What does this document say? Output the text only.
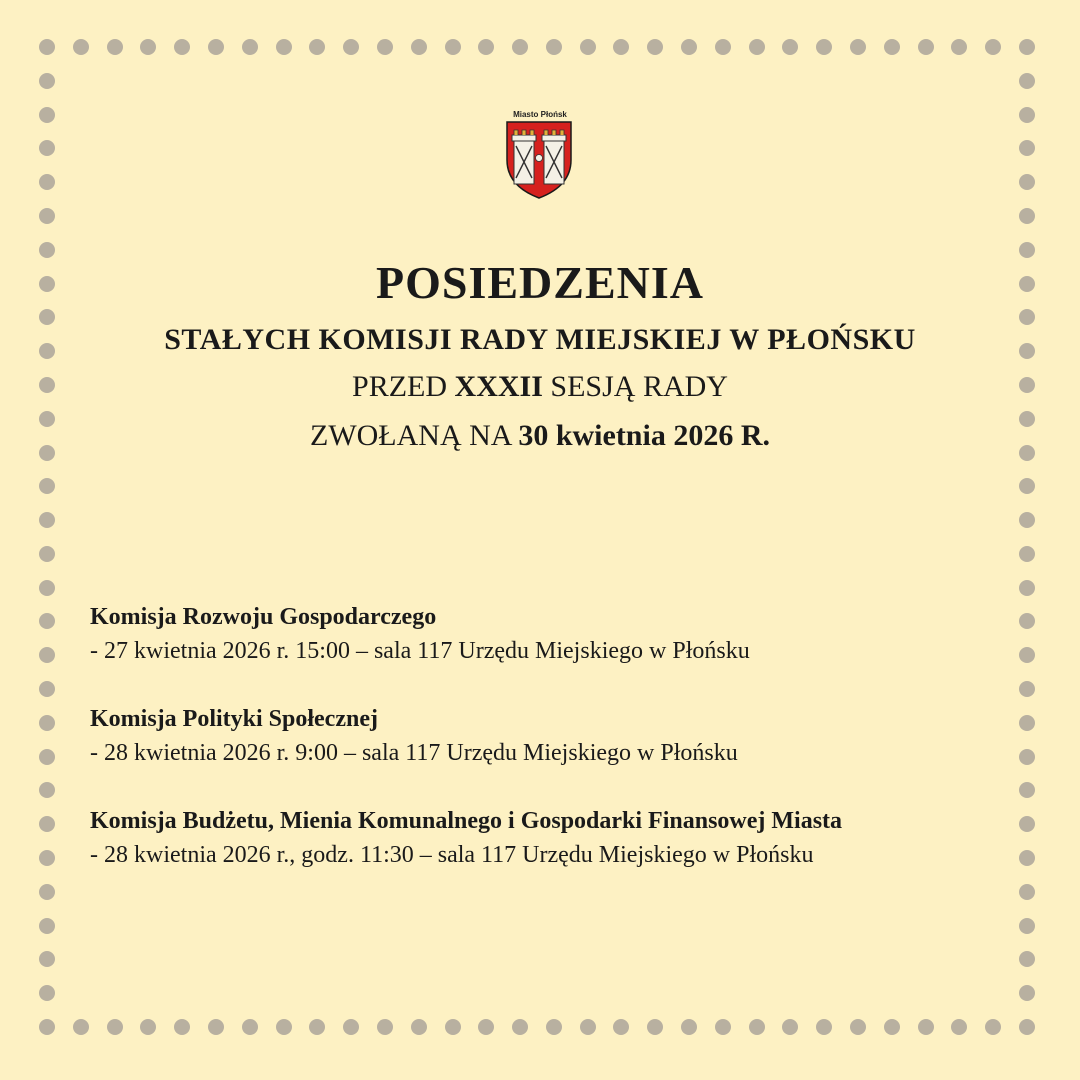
Miasto Płońsk
POSIEDZENIA
STAŁYCH KOMISJI RADY MIEJSKIEJ W PŁOŃSKU
PRZED XXXII SESJĄ RADY
ZWOŁANĄ NA 30 kwietnia 2026 R.
Komisja Rozwoju Gospodarczego
- 27 kwietnia 2026 r. 15:00 – sala 117 Urzędu Miejskiego w Płońsku
Komisja Polityki Społecznej
- 28 kwietnia 2026 r. 9:00 – sala 117 Urzędu Miejskiego w Płońsku
Komisja Budżetu, Mienia Komunalnego i Gospodarki Finansowej Miasta
- 28 kwietnia 2026 r., godz. 11:30 – sala 117 Urzędu Miejskiego w Płońsku
